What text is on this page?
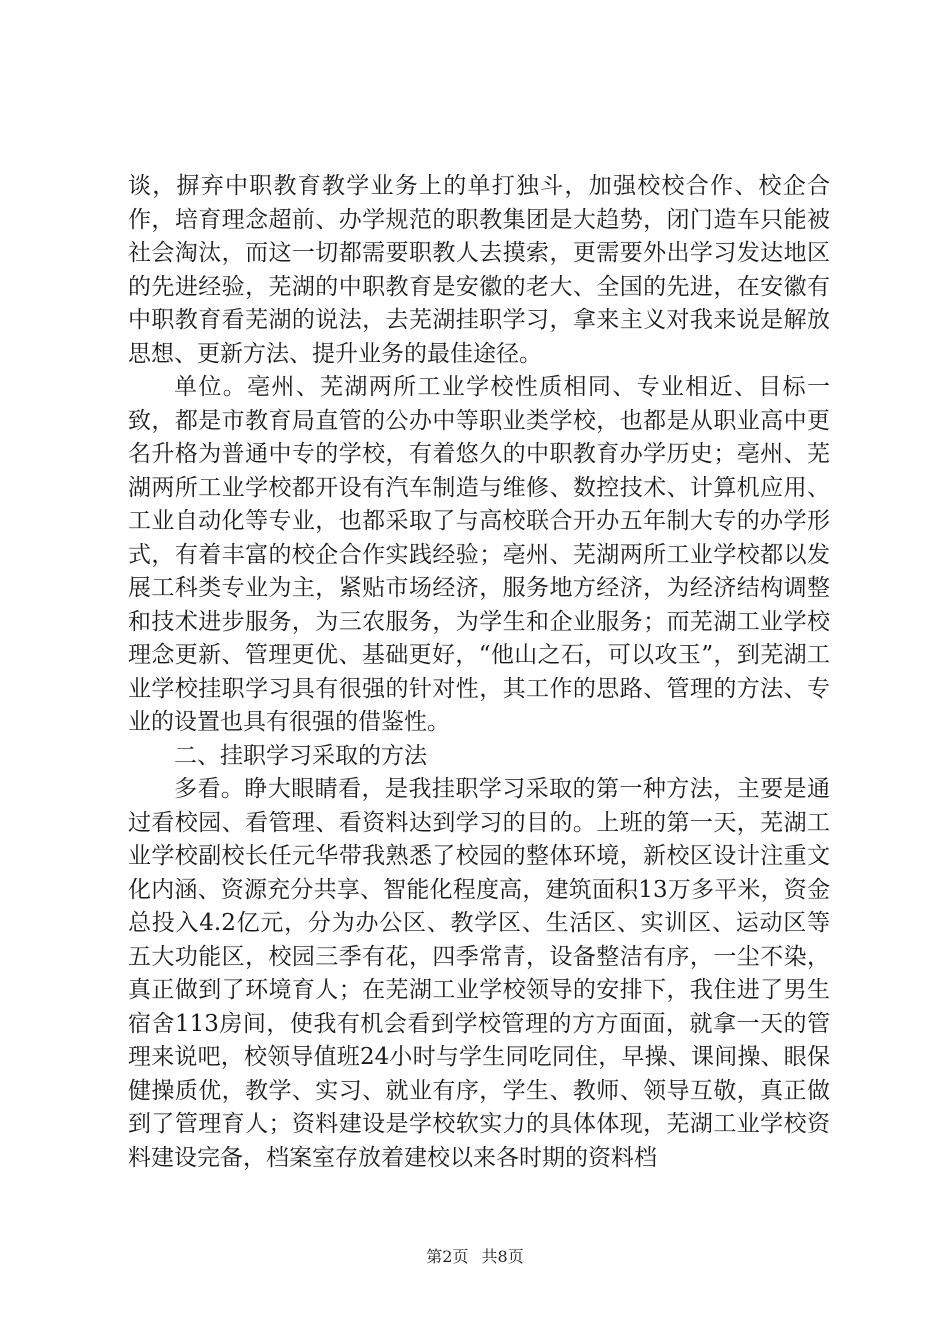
谈，摒弃中职教育教学业务上的单打独斗，加强校校合作、校企合作，培育理念超前、办学规范的职教集团是大趋势，闭门造车只能被社会淘汰，而这一切都需要职教人去摸索，更需要外出学习发达地区的先进经验，芜湖的中职教育是安徽的老大、全国的先进，在安徽有中职教育看芜湖的说法，去芜湖挂职学习，拿来主义对我来说是解放思想、更新方法、提升业务的最佳途径。

单位。亳州、芜湖两所工业学校性质相同、专业相近、目标一致，都是市教育局直管的公办中等职业类学校，也都是从职业高中更名升格为普通中专的学校，有着悠久的中职教育办学历史；亳州、芜湖两所工业学校都开设有汽车制造与维修、数控技术、计算机应用、工业自动化等专业，也都采取了与高校联合开办五年制大专的办学形式，有着丰富的校企合作实践经验；亳州、芜湖两所工业学校都以发展工科类专业为主，紧贴市场经济，服务地方经济，为经济结构调整和技术进步服务，为三农服务，为学生和企业服务；而芜湖工业学校理念更新、管理更优、基础更好，“他山之石，可以攻玉”，到芜湖工业学校挂职学习具有很强的针对性，其工作的思路、管理的方法、专业的设置也具有很强的借鉴性。

二、挂职学习采取的方法

多看。睁大眼睛看，是我挂职学习采取的第一种方法，主要是通过看校园、看管理、看资料达到学习的目的。上班的第一天，芜湖工业学校副校长任元华带我熟悉了校园的整体环境，新校区设计注重文化内涵、资源充分共享、智能化程度高，建筑面积13万多平米，资金总投入4.2亿元，分为办公区、教学区、生活区、实训区、运动区等五大功能区，校园三季有花，四季常青，设备整洁有序，一尘不染，真正做到了环境育人；在芜湖工业学校领导的安排下，我住进了男生宿舍113房间，使我有机会看到学校管理的方方面面，就拿一天的管理来说吧，校领导值班24小时与学生同吃同住，早操、课间操、眼保健操质优，教学、实习、就业有序，学生、教师、领导互敬，真正做到了管理育人；资料建设是学校软实力的具体体现，芜湖工业学校资料建设完备，档案室存放着建校以来各时期的资料档

第2页 共8页
